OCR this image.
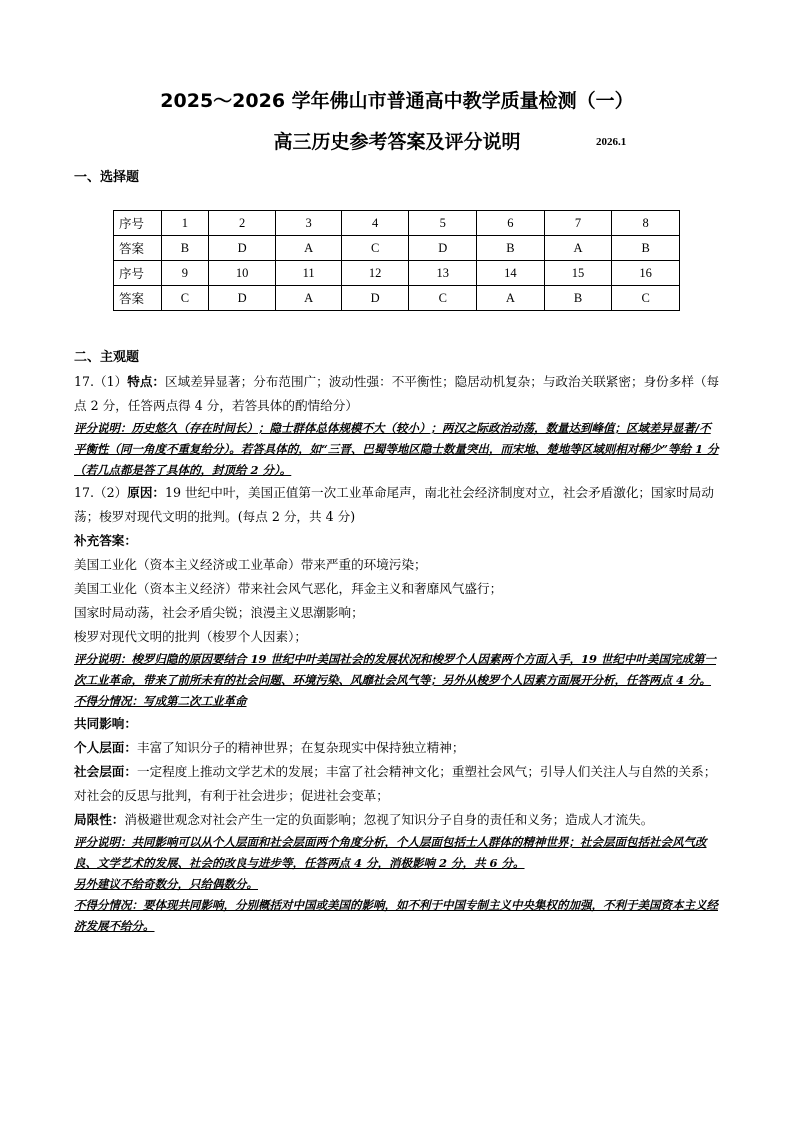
2025～2026 学年佛山市普通高中教学质量检测（一）
高三历史参考答案及评分说明	2026.1
一、选择题
序号	1	2	3	4	5	6	7	8
答案	B	D	A	C	D	B	A	B
序号	9	10	11	12	13	14	15	16
答案	C	D	A	D	C	A	B	C
二、主观题

17.（1）特点：区域差异显著；分布范围广；波动性强：不平衡性；隐居动机复杂；与政治关联紧密；身份多样（每点 2 分，任答两点得 4 分，若答具体的酌情给分）

评分说明：历史悠久（存在时间长）；隐士群体总体规模不大（较小）；两汉之际政治动荡，数量达到峰值；区域差异显著/不平衡性（同一角度不重复给分）。若答具体的，如“三晋、巴蜀等地区隐士数量突出，而宋地、楚地等区域则相对稀少”等给 1 分（若几点都是答了具体的，封顶给 2 分）。

17.（2）原因：19 世纪中叶，美国正值第一次工业革命尾声，南北社会经济制度对立，社会矛盾激化；国家时局动荡；梭罗对现代文明的批判。(每点 2 分，共 4 分)

补充答案：

美国工业化（资本主义经济或工业革命）带来严重的环境污染；

美国工业化（资本主义经济）带来社会风气恶化，拜金主义和奢靡风气盛行；

国家时局动荡，社会矛盾尖锐；浪漫主义思潮影响；

梭罗对现代文明的批判（梭罗个人因素）；

评分说明：梭罗归隐的原因要结合 19 世纪中叶美国社会的发展状况和梭罗个人因素两个方面入手，19 世纪中叶美国完成第一次工业革命，带来了前所未有的社会问题、环境污染、风靡社会风气等；另外从梭罗个人因素方面展开分析，任答两点 4 分。

不得分情况：写成第二次工业革命

共同影响：

个人层面：丰富了知识分子的精神世界；在复杂现实中保持独立精神；

社会层面：一定程度上推动文学艺术的发展；丰富了社会精神文化；重塑社会风气；引导人们关注人与自然的关系；对社会的反思与批判，有利于社会进步；促进社会变革；

局限性：消极避世观念对社会产生一定的负面影响；忽视了知识分子自身的责任和义务；造成人才流失。

评分说明：共同影响可以从个人层面和社会层面两个角度分析，个人层面包括士人群体的精神世界；社会层面包括社会风气改良、文学艺术的发展、社会的改良与进步等，任答两点 4 分，消极影响 2 分，共 6 分。

另外建议不给奇数分，只给偶数分。

不得分情况：要体现共同影响，分别概括对中国或美国的影响，如不利于中国专制主义中央集权的加强，不利于美国资本主义经济发展不给分。
